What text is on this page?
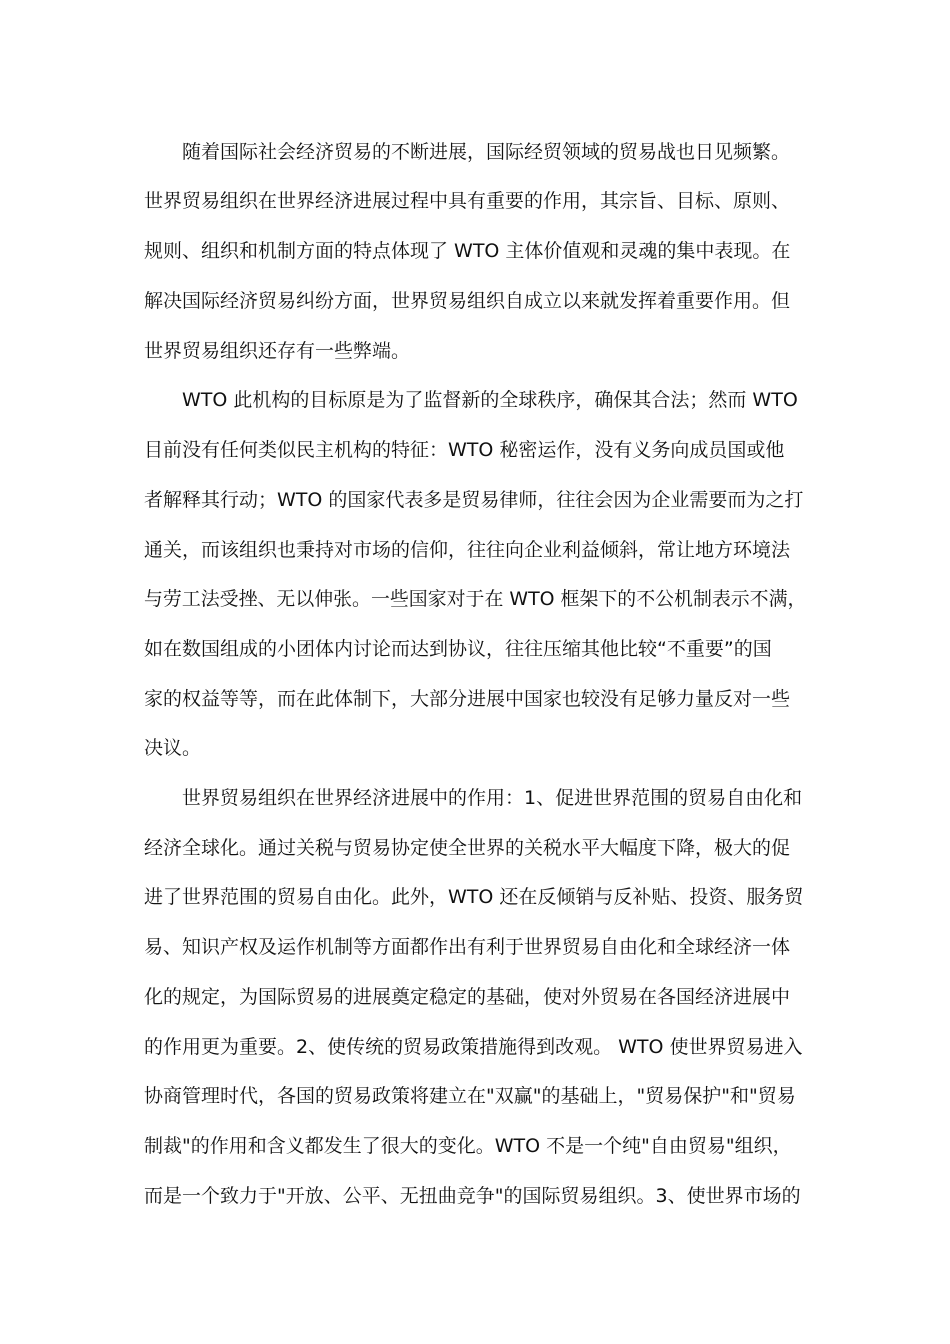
随着国际社会经济贸易的不断进展，国际经贸领域的贸易战也日见频繁。
世界贸易组织在世界经济进展过程中具有重要的作用，其宗旨、目标、原则、
规则、组织和机制方面的特点体现了 WTO 主体价值观和灵魂的集中表现。在
解决国际经济贸易纠纷方面，世界贸易组织自成立以来就发挥着重要作用。但
世界贸易组织还存有一些弊端。
WTO 此机构的目标原是为了监督新的全球秩序，确保其合法；然而 WTO
目前没有任何类似民主机构的特征：WTO 秘密运作，没有义务向成员国或他
者解释其行动；WTO 的国家代表多是贸易律师，往往会因为企业需要而为之打
通关，而该组织也秉持对市场的信仰，往往向企业利益倾斜，常让地方环境法
与劳工法受挫、无以伸张。一些国家对于在 WTO 框架下的不公机制表示不满，
如在数国组成的小团体内讨论而达到协议，往往压缩其他比较“不重要”的国
家的权益等等，而在此体制下，大部分进展中国家也较没有足够力量反对一些
决议。
世界贸易组织在世界经济进展中的作用：1、促进世界范围的贸易自由化和
经济全球化。通过关税与贸易协定使全世界的关税水平大幅度下降，极大的促
进了世界范围的贸易自由化。此外，WTO 还在反倾销与反补贴、投资、服务贸
易、知识产权及运作机制等方面都作出有利于世界贸易自由化和全球经济一体
化的规定，为国际贸易的进展奠定稳定的基础，使对外贸易在各国经济进展中
的作用更为重要。2、使传统的贸易政策措施得到改观。 WTO 使世界贸易进入
协商管理时代，各国的贸易政策将建立在"双赢"的基础上，"贸易保护"和"贸易
制裁"的作用和含义都发生了很大的变化。WTO 不是一个纯"自由贸易"组织，
而是一个致力于"开放、公平、无扭曲竞争"的国际贸易组织。3、使世界市场的
